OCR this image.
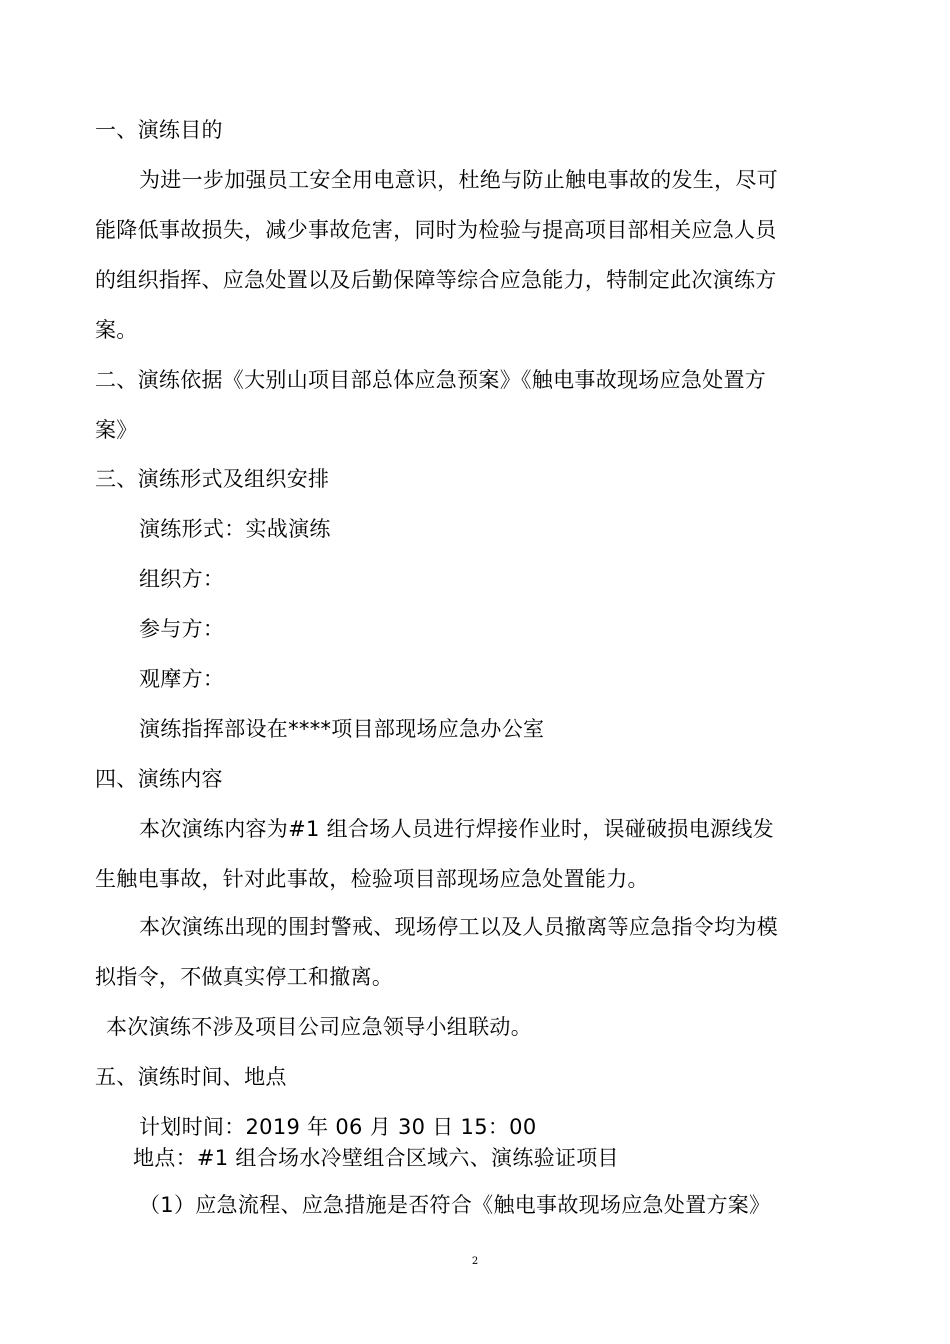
一、演练目的
为进一步加强员工安全用电意识，杜绝与防止触电事故的发生，尽可
能降低事故损失，减少事故危害，同时为检验与提高项目部相关应急人员
的组织指挥、应急处置以及后勤保障等综合应急能力，特制定此次演练方
案。
二、演练依据《大别山项目部总体应急预案》《触电事故现场应急处置方
案》
三、演练形式及组织安排
演练形式：实战演练
组织方：
参与方：
观摩方：
演练指挥部设在****项目部现场应急办公室
四、演练内容
本次演练内容为#1 组合场人员进行焊接作业时，误碰破损电源线发
生触电事故，针对此事故，检验项目部现场应急处置能力。
本次演练出现的围封警戒、现场停工以及人员撤离等应急指令均为模
拟指令，不做真实停工和撤离。
本次演练不涉及项目公司应急领导小组联动。
五、演练时间、地点
计划时间：2019 年 06 月 30 日 15：00
地点：#1 组合场水冷壁组合区域六、演练验证项目
（1）应急流程、应急措施是否符合《触电事故现场应急处置方案》
2
